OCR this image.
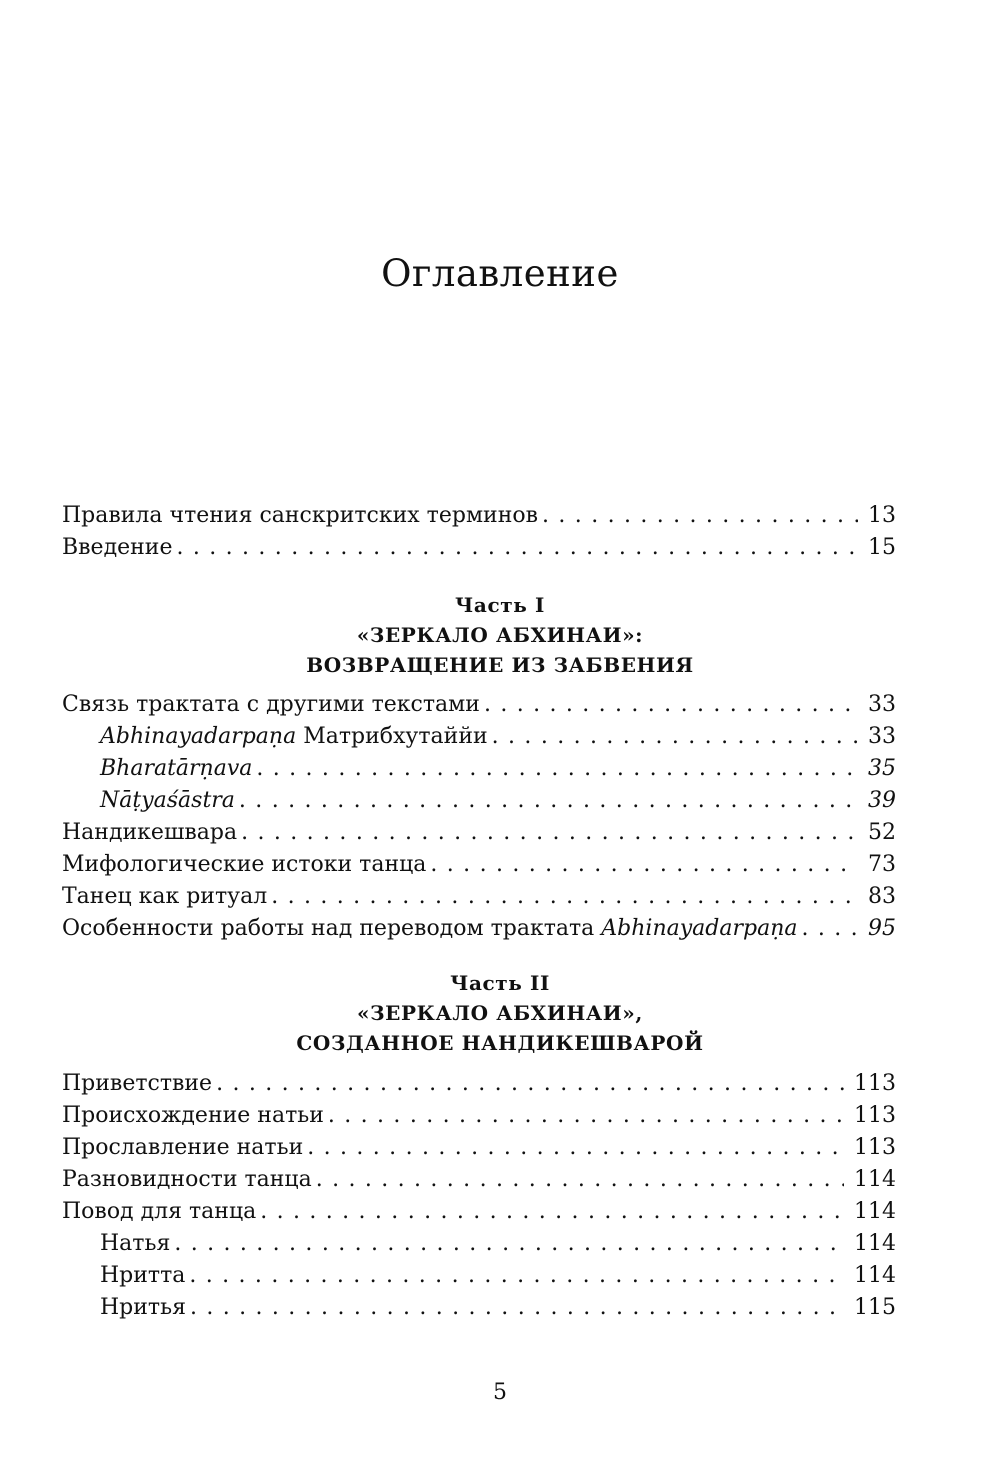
Оглавление
Правила чтения санскритских терминов . . .	13
Введение . . .	15
Связь трактата с другими текстами . . .	33
Abhinayadarpaṇa Матрибхутаййи . . .	33
Bharatārṇava . . .	35
Nāṭyaśāstra . . .	39
Нандикешвара . . .	52
Мифологические истоки танца . . .	73
Танец как ритуал . . .	83
Особенности работы над переводом трактата Abhinayadarpaṇa . . .	95
Приветствие . . .	113
Происхождение натьи . . .	113
Прославление натьи . . .	113
Разновидности танца . . .	114
Повод для танца . . .	114
Натья . . .	114
Нритта . . .	114
Нритья . . .	115
Часть I
«ЗЕРКАЛО АБХИНАИ»:
ВОЗВРАЩЕНИЕ ИЗ ЗАБВЕНИЯ
Часть II
«ЗЕРКАЛО АБХИНАИ»,
СОЗДАННОЕ НАНДИКЕШВАРОЙ
5
